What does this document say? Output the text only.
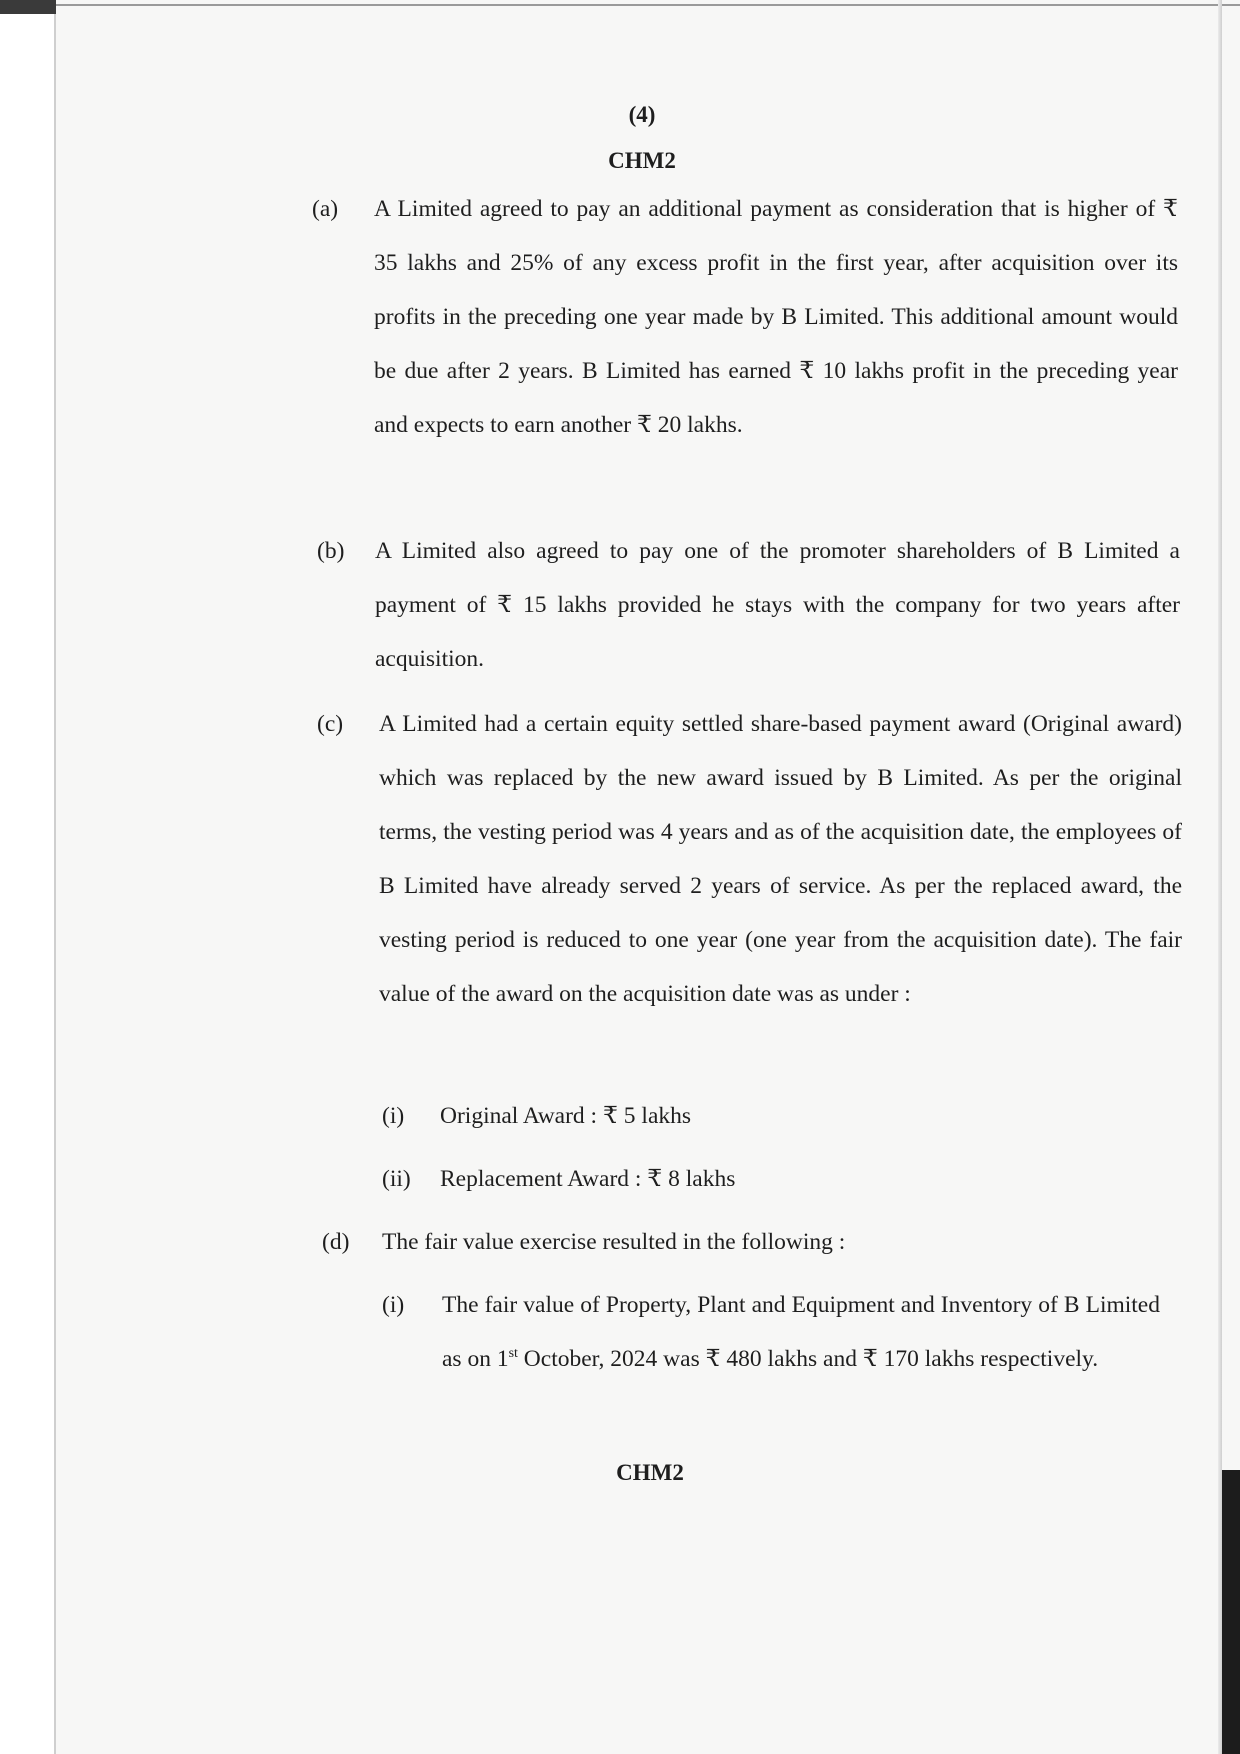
(4)
CHM2
(a) A Limited agreed to pay an additional payment as consideration that is higher of ₹ 35 lakhs and 25% of any excess profit in the first year, after acquisition over its profits in the preceding one year made by B Limited. This additional amount would be due after 2 years. B Limited has earned ₹ 10 lakhs profit in the preceding year and expects to earn another ₹ 20 lakhs.
(b) A Limited also agreed to pay one of the promoter shareholders of B Limited a payment of ₹ 15 lakhs provided he stays with the company for two years after acquisition.
(c) A Limited had a certain equity settled share-based payment award (Original award) which was replaced by the new award issued by B Limited. As per the original terms, the vesting period was 4 years and as of the acquisition date, the employees of B Limited have already served 2 years of service. As per the replaced award, the vesting period is reduced to one year (one year from the acquisition date). The fair value of the award on the acquisition date was as under :
(i) Original Award : ₹ 5 lakhs
(ii) Replacement Award : ₹ 8 lakhs
(d) The fair value exercise resulted in the following :
(i) The fair value of Property, Plant and Equipment and Inventory of B Limited as on 1st October, 2024 was ₹ 480 lakhs and ₹ 170 lakhs respectively.
CHM2
